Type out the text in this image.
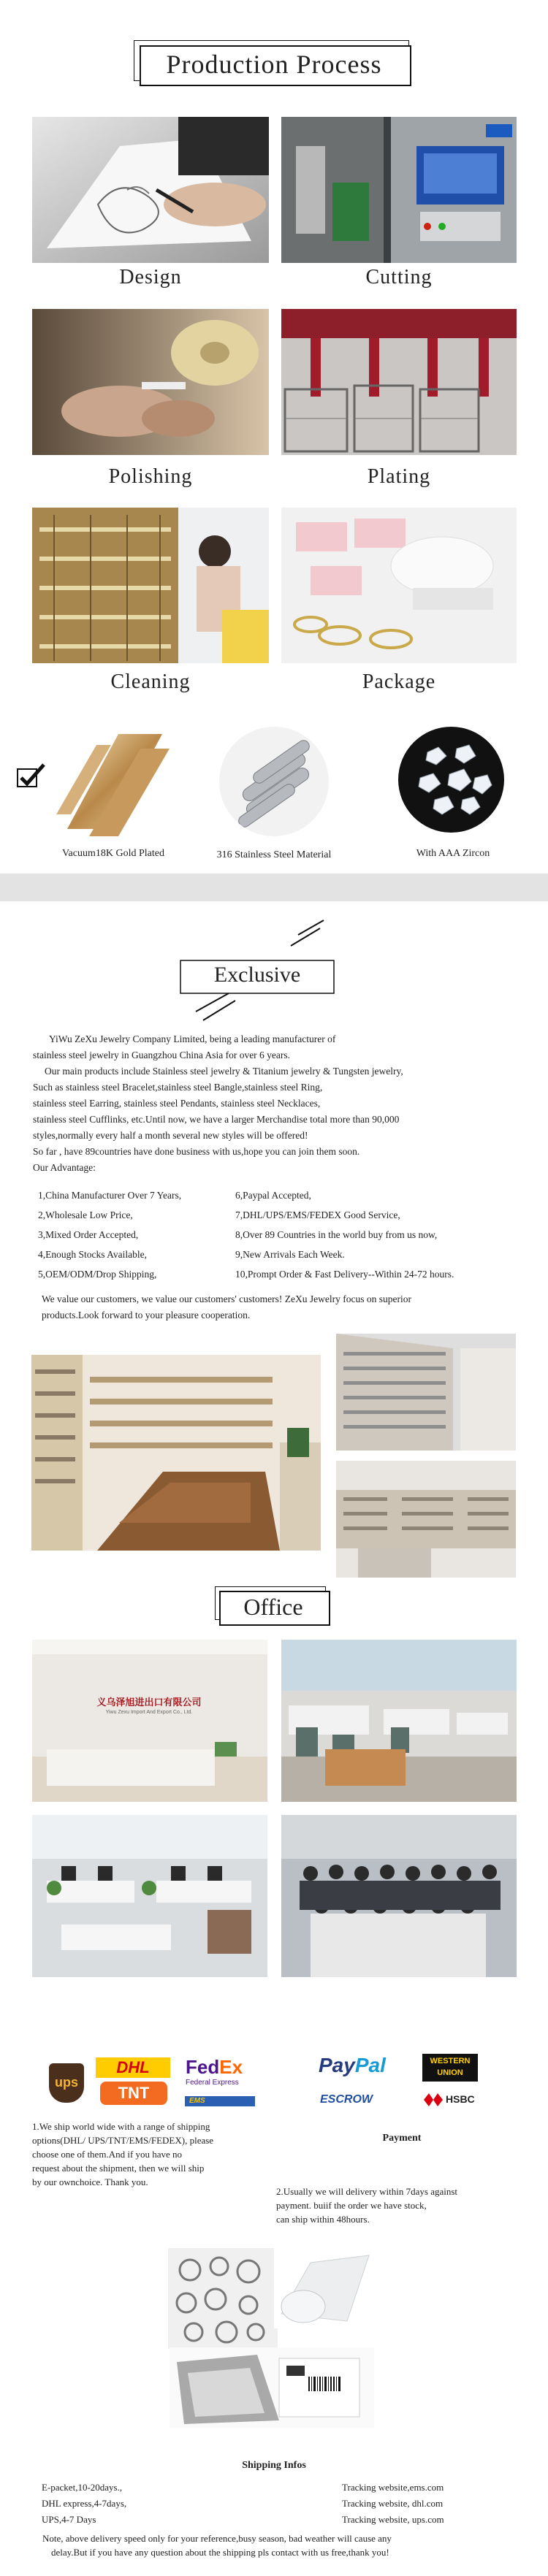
Production Process
Design	Cutting
Polishing	Plating
Cleaning	Package
Vacuum18K Gold Plated	316 Stainless Steel Material	With AAA Zircon
Exclusive
YiWu ZeXu Jewelry Company Limited, being a leading manufacturer of
stainless steel jewelry in Guangzhou China Asia for over 6 years.
Our main products include Stainless steel jewelry & Titanium jewelry & Tungsten jewelry,
Such as stainless steel Bracelet,stainless steel Bangle,stainless steel Ring,
stainless steel Earring, stainless steel Pendants, stainless steel Necklaces,
stainless steel Cufflinks, etc.Until now, we have a larger Merchandise total more than 90,000
styles,normally every half a month several new styles will be offered!
So far , have 89countries have done business with us,hope you can join them soon.
Our Advantage:
1,China Manufacturer Over 7 Years,
2,Wholesale Low Price,
3,Mixed Order Accepted,
4,Enough Stocks Available,
5,OEM/ODM/Drop Shipping,
6,Paypal Accepted,
7,DHL/UPS/EMS/FEDEX Good Service,
8,Over 89 Countries in the world buy from us now,
9,New Arrivals Each Week.
10,Prompt Order & Fast Delivery--Within 24-72 hours.
We value our customers, we value our customers' customers! ZeXu Jewelry focus on superior
products.Look forward to your pleasure cooperation.
Office
义乌泽旭进出口有限公司
Yiwu Zexu Import And Export Co., Ltd.
ups
DHL
TNT
FedEx
Federal Express
EMS
PayPal	WESTERN UNION
ESCROW	HSBC
Payment
1.We ship world wide with a range of shipping
options(DHL/ UPS/TNT/EMS/FEDEX), please
choose one of them.And if you have no
request about the shipment, then we will ship
by our ownchoice. Thank you.
2.Usually we will delivery within 7days against
payment. buiif the order we have stock,
can ship within 48hours.
Shipping Infos
E-packet,10-20days.,	Tracking website,ems.com
DHL express,4-7days,	Tracking website, dhl.com
UPS,4-7 Days	Tracking website, ups.com
Note, above delivery speed only for your reference,busy season, bad weather will cause any
delay.But if you have any question about the shipping pls contact with us free,thank you!
